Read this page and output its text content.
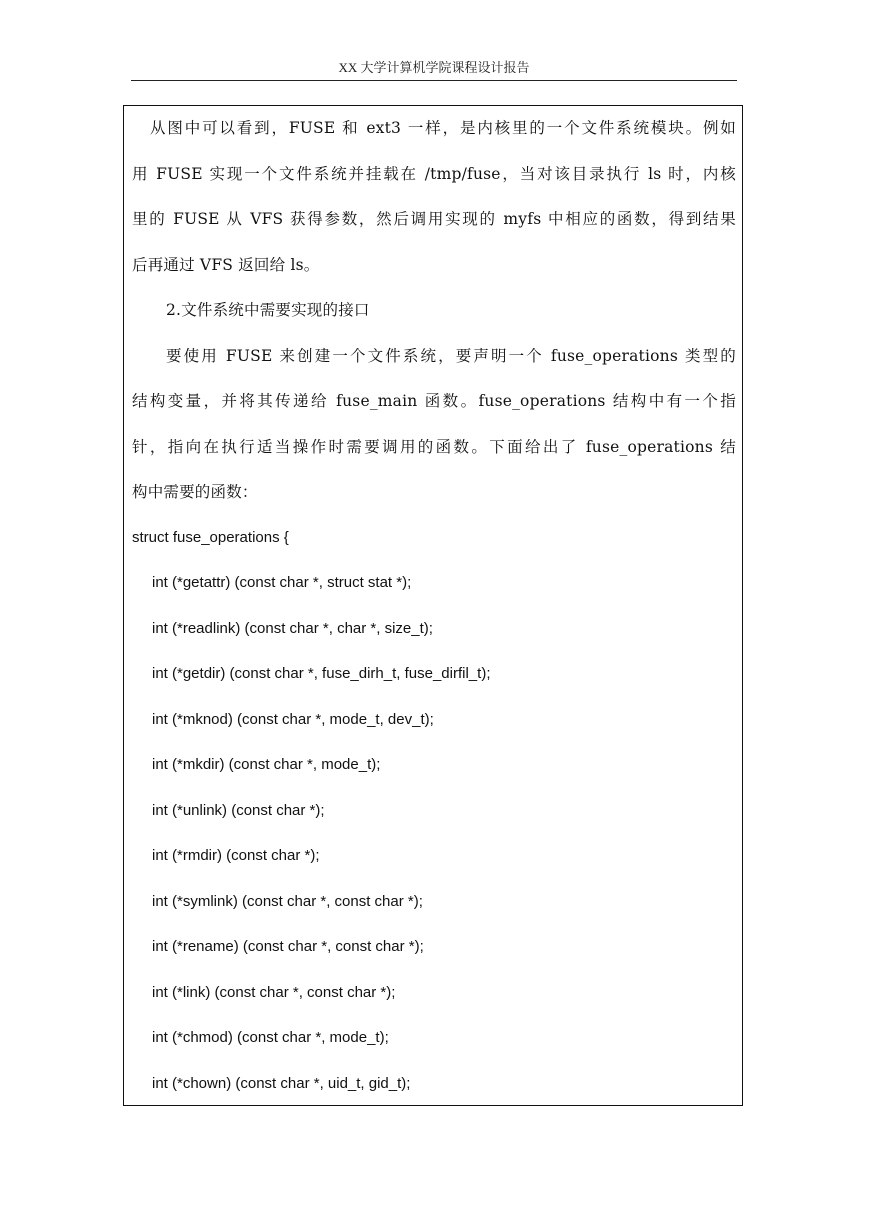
XX 大学计算机学院课程设计报告
从图中可以看到，FUSE 和 ext3 一样，是内核里的一个文件系统模块。例如
用 FUSE 实现一个文件系统并挂载在 /tmp/fuse，当对该目录执行 ls 时，内核
里的 FUSE 从 VFS 获得参数，然后调用实现的 myfs 中相应的函数，得到结果
后再通过 VFS 返回给 ls。
2.文件系统中需要实现的接口
要使用 FUSE 来创建一个文件系统，要声明一个 fuse_operations 类型的
结构变量，并将其传递给 fuse_main 函数。fuse_operations 结构中有一个指
针，指向在执行适当操作时需要调用的函数。下面给出了 fuse_operations 结
构中需要的函数：
struct fuse_operations {
int (*getattr) (const char *, struct stat *);
int (*readlink) (const char *, char *, size_t);
int (*getdir) (const char *, fuse_dirh_t, fuse_dirfil_t);
int (*mknod) (const char *, mode_t, dev_t);
int (*mkdir) (const char *, mode_t);
int (*unlink) (const char *);
int (*rmdir) (const char *);
int (*symlink) (const char *, const char *);
int (*rename) (const char *, const char *);
int (*link) (const char *, const char *);
int (*chmod) (const char *, mode_t);
int (*chown) (const char *, uid_t, gid_t);
